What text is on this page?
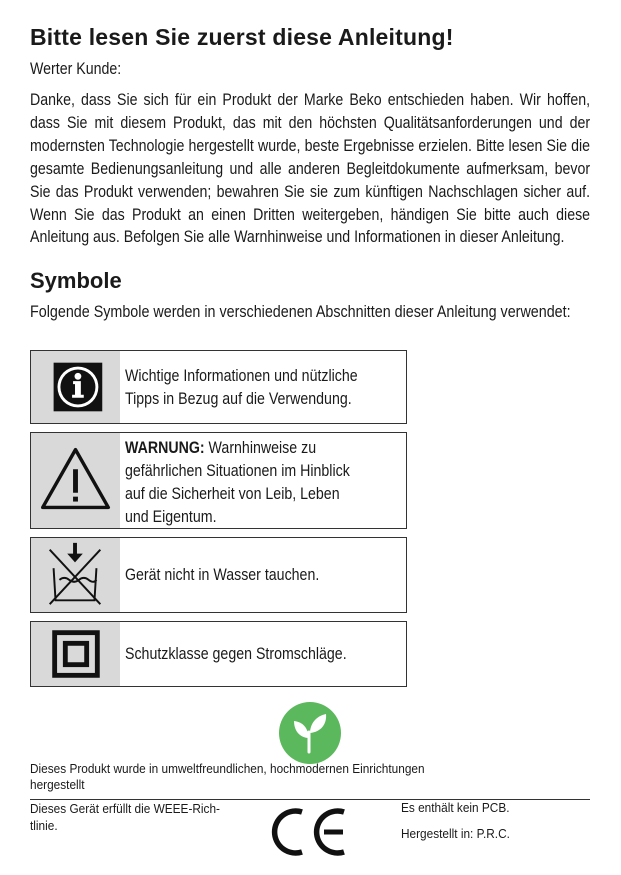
Bitte lesen Sie zuerst diese Anleitung!
Werter Kunde:
Danke, dass Sie sich für ein Produkt der Marke Beko entschieden haben. Wir hoffen, dass Sie mit diesem Produkt, das mit den höchsten Qualitätsanforderungen und der modernsten Technologie hergestellt wurde, beste Ergebnisse erzielen. Bitte lesen Sie die gesamte Bedienungsanleitung und alle anderen Begleitdokumente aufmerksam, bevor Sie das Produkt verwenden; bewahren Sie sie zum künftigen Nachschlagen sicher auf. Wenn Sie das Produkt an einen Dritten weitergeben, händigen Sie bitte auch diese Anleitung aus. Befolgen Sie alle Warnhinweise und Informationen in dieser Anleitung.
Symbole
Folgende Symbole werden in verschiedenen Abschnitten dieser Anleitung verwendet:
Wichtige Informationen und nützliche
Tipps in Bezug auf die Verwendung.
WARNUNG: Warnhinweise zu
gefährlichen Situationen im Hinblick
auf die Sicherheit von Leib, Leben
und Eigentum.
Gerät nicht in Wasser tauchen.
Schutzklasse gegen Stromschläge.
Dieses Produkt wurde in umweltfreundlichen, hochmodernen Einrichtungen
hergestellt
Dieses Gerät erfüllt die WEEE-Rich-
tlinie.
Es enthält kein PCB.
Hergestellt in: P.R.C.
